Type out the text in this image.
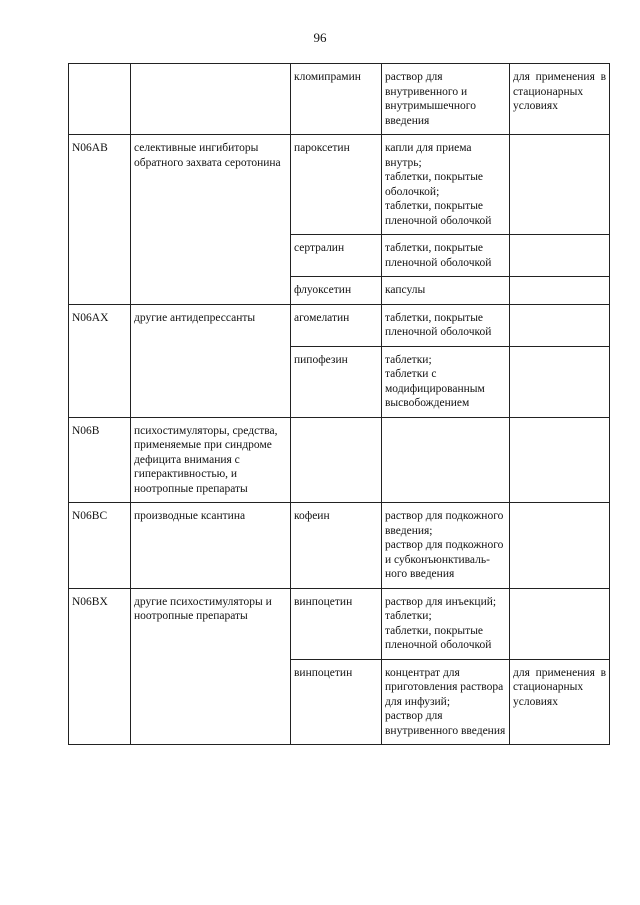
96
		кломипрамин	раствор для внутривенного и внутримышечного введения	для применения в стационарных условиях
N06AB	селективные ингибиторы обратного захвата серотонина	пароксетин	капли для приема внутрь;
таблетки, покрытые оболочкой;
таблетки, покрытые пленочной оболочкой	

		сертралин	таблетки, покрытые пленочной оболочкой	

		флуоксетин	капсулы	

N06AX	другие антидепрессанты	агомелатин	таблетки, покрытые пленочной оболочкой	

		пипофезин	таблетки;
таблетки с модифицированным высвобождением	

N06B	психостимуляторы, средства, применяемые при синдроме дефицита внимания с гиперактивностью, и ноотропные препараты			
N06BC	производные ксантина	кофеин	раствор для подкожного введения;
раствор для подкожного и субконъюнктиваль-ного введения	

N06BX	другие психостимуляторы и ноотропные препараты	винпоцетин	раствор для инъекций;
таблетки;
таблетки, покрытые пленочной оболочкой	

		винпоцетин	концентрат для приготовления раствора для инфузий;
раствор для внутривенного введения	для применения в стационарных условиях
